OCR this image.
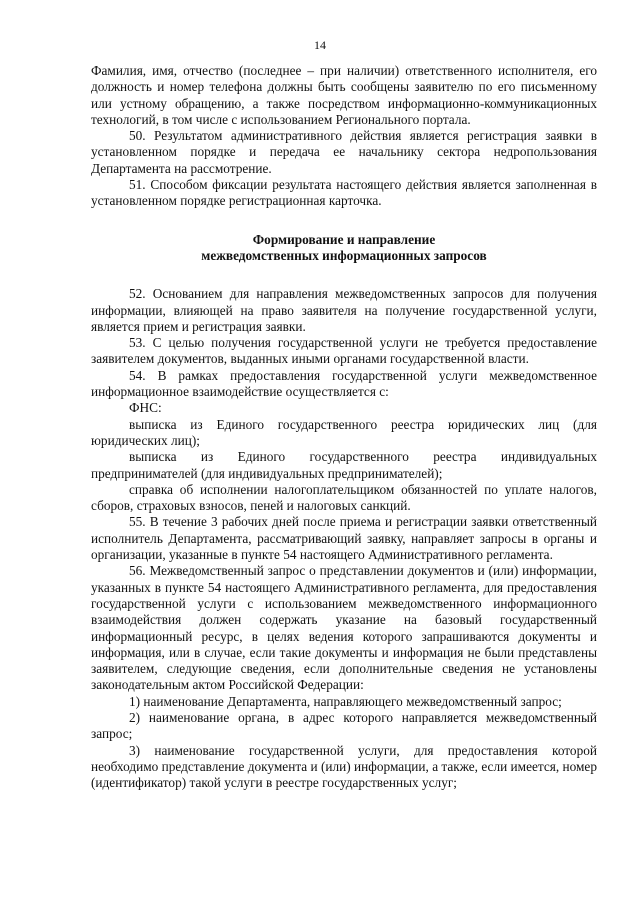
14

Фамилия, имя, отчество (последнее – при наличии) ответственного исполнителя, его должность и номер телефона должны быть сообщены заявителю по его письменному или устному обращению, а также посредством информационно-коммуникационных технологий, в том числе с использованием Регионального портала.

50. Результатом административного действия является регистрация заявки в установленном порядке и передача ее начальнику сектора недропользования Департамента на рассмотрение.

51. Способом фиксации результата настоящего действия является заполненная в установленном порядке регистрационная карточка.

Формирование и направление
межведомственных информационных запросов

52. Основанием для направления межведомственных запросов для получения информации, влияющей на право заявителя на получение государственной услуги, является прием и регистрация заявки.

53. С целью получения государственной услуги не требуется предоставление заявителем документов, выданных иными органами государственной власти.

54. В рамках предоставления государственной услуги межведомственное информационное взаимодействие осуществляется с:

ФНС:

выписка из Единого государственного реестра юридических лиц (для юридических лиц);

выписка из Единого государственного реестра индивидуальных предпринимателей (для индивидуальных предпринимателей);

справка об исполнении налогоплательщиком обязанностей по уплате налогов, сборов, страховых взносов, пеней и налоговых санкций.

55. В течение 3 рабочих дней после приема и регистрации заявки ответственный исполнитель Департамента, рассматривающий заявку, направляет запросы в органы и организации, указанные в пункте 54 настоящего Административного регламента.

56. Межведомственный запрос о представлении документов и (или) информации, указанных в пункте 54 настоящего Административного регламента, для предоставления государственной услуги с использованием межведомственного информационного взаимодействия должен содержать указание на базовый государственный информационный ресурс, в целях ведения которого запрашиваются документы и информация, или в случае, если такие документы и информация не были представлены заявителем, следующие сведения, если дополнительные сведения не установлены законодательным актом Российской Федерации:

1) наименование Департамента, направляющего межведомственный запрос;

2) наименование органа, в адрес которого направляется межведомственный запрос;

3) наименование государственной услуги, для предоставления которой необходимо представление документа и (или) информации, а также, если имеется, номер (идентификатор) такой услуги в реестре государственных услуг;
